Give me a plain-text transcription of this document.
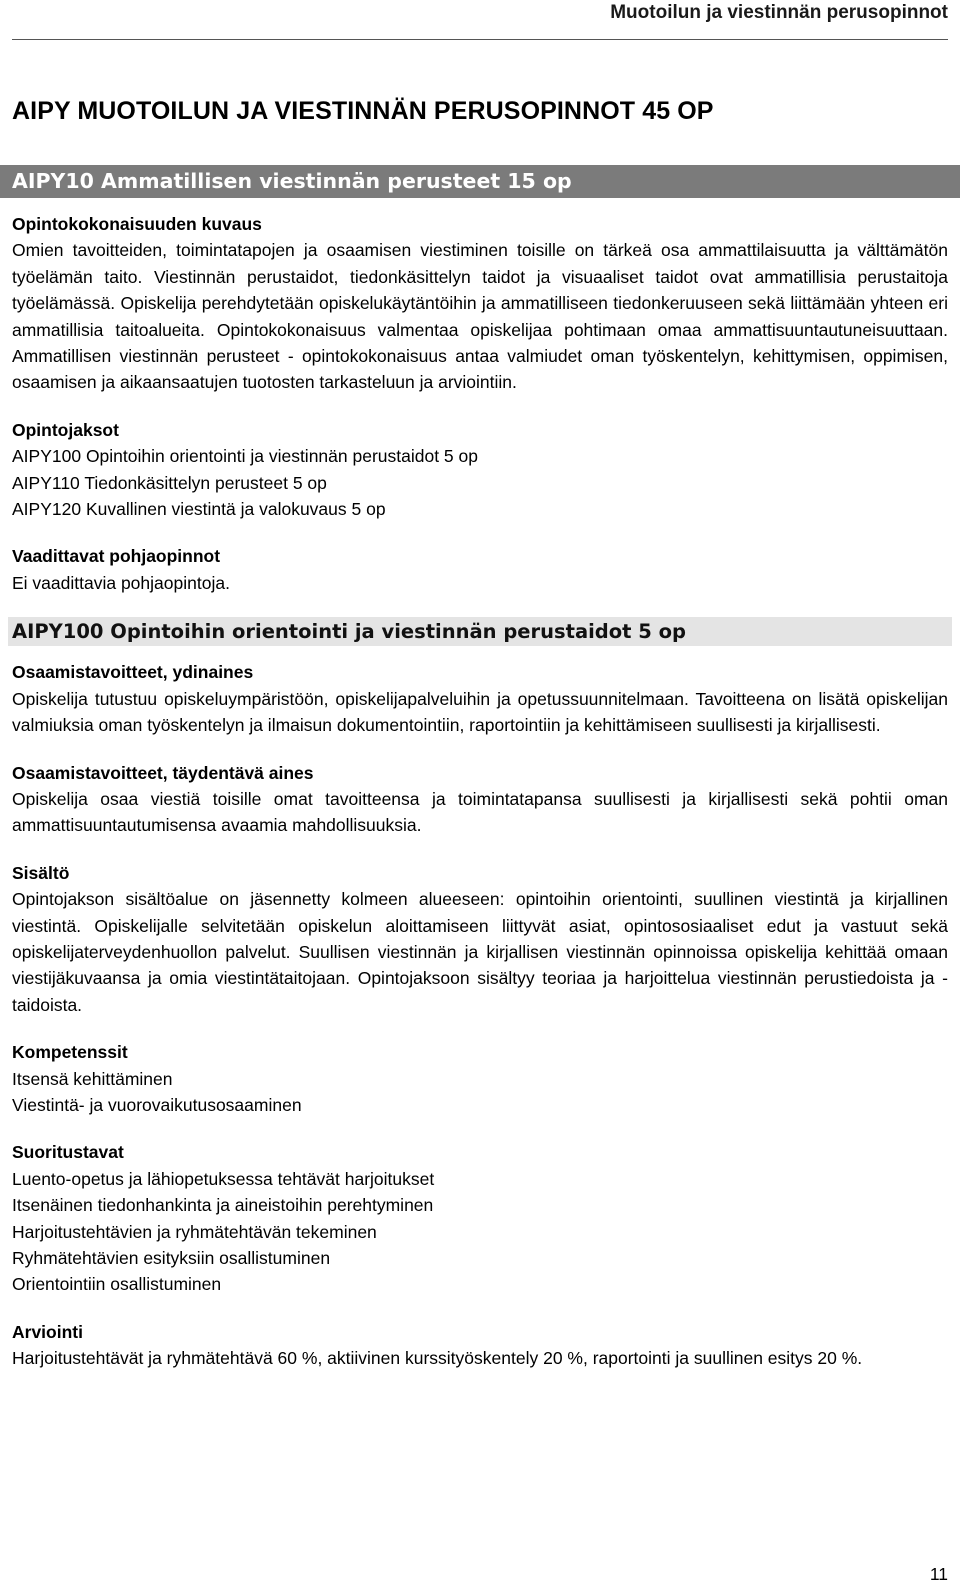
Muotoilun ja viestinnän perusopinnot
AIPY MUOTOILUN JA VIESTINNÄN PERUSOPINNOT 45 OP
AIPY10 Ammatillisen viestinnän perusteet 15 op
Opintokokonaisuuden kuvaus
Omien tavoitteiden, toimintatapojen ja osaamisen viestiminen toisille on tärkeä osa ammattilaisuutta ja välttämätön työelämän taito. Viestinnän perustaidot, tiedonkäsittelyn taidot ja visuaaliset taidot ovat ammatillisia perustaitoja työelämässä. Opiskelija perehdytetään opiskelukäytäntöihin ja ammatilliseen tiedonkeruuseen sekä liittämään yhteen eri ammatillisia taitoalueita. Opintokokonaisuus valmentaa opiskelijaa pohtimaan omaa ammattisuuntautuneisuuttaan. Ammatillisen viestinnän perusteet - opintokokonaisuus antaa valmiudet oman työskentelyn, kehittymisen, oppimisen, osaamisen ja aikaansaatujen tuotosten tarkasteluun ja arviointiin.
Opintojaksot
AIPY100 Opintoihin orientointi ja viestinnän perustaidot 5 op
AIPY110 Tiedonkäsittelyn perusteet 5 op
AIPY120 Kuvallinen viestintä ja valokuvaus 5 op
Vaadittavat pohjaopinnot
Ei vaadittavia pohjaopintoja.
AIPY100 Opintoihin orientointi ja viestinnän perustaidot 5 op
Osaamistavoitteet, ydinaines
Opiskelija tutustuu opiskeluympäristöön, opiskelijapalveluihin ja opetussuunnitelmaan. Tavoitteena on lisätä opiskelijan valmiuksia oman työskentelyn ja ilmaisun dokumentointiin, raportointiin ja kehittämiseen suullisesti ja kirjallisesti.
Osaamistavoitteet, täydentävä aines
Opiskelija osaa viestiä toisille omat tavoitteensa ja toimintatapansa suullisesti ja kirjallisesti sekä pohtii oman ammattisuuntautumisensa avaamia mahdollisuuksia.
Sisältö
Opintojakson sisältöalue on jäsennetty kolmeen alueeseen: opintoihin orientointi, suullinen viestintä ja kirjallinen viestintä. Opiskelijalle selvitetään opiskelun aloittamiseen liittyvät asiat, opintososiaaliset edut ja vastuut sekä opiskelijaterveydenhuollon palvelut. Suullisen viestinnän ja kirjallisen viestinnän opinnoissa opiskelija kehittää omaan viestijäkuvaansa ja omia viestintätaitojaan. Opintojaksoon sisältyy teoriaa ja harjoittelua viestinnän perustiedoista ja -taidoista.
Kompetenssit
Itsensä kehittäminen
Viestintä- ja vuorovaikutusosaaminen
Suoritustavat
Luento-opetus ja lähiopetuksessa tehtävät harjoitukset
Itsenäinen tiedonhankinta ja aineistoihin perehtyminen
Harjoitustehtävien ja ryhmätehtävän tekeminen
Ryhmätehtävien esityksiin osallistuminen
Orientointiin osallistuminen
Arviointi
Harjoitustehtävät ja ryhmätehtävä 60 %, aktiivinen kurssityöskentely 20 %, raportointi ja suullinen esitys 20 %.
11
